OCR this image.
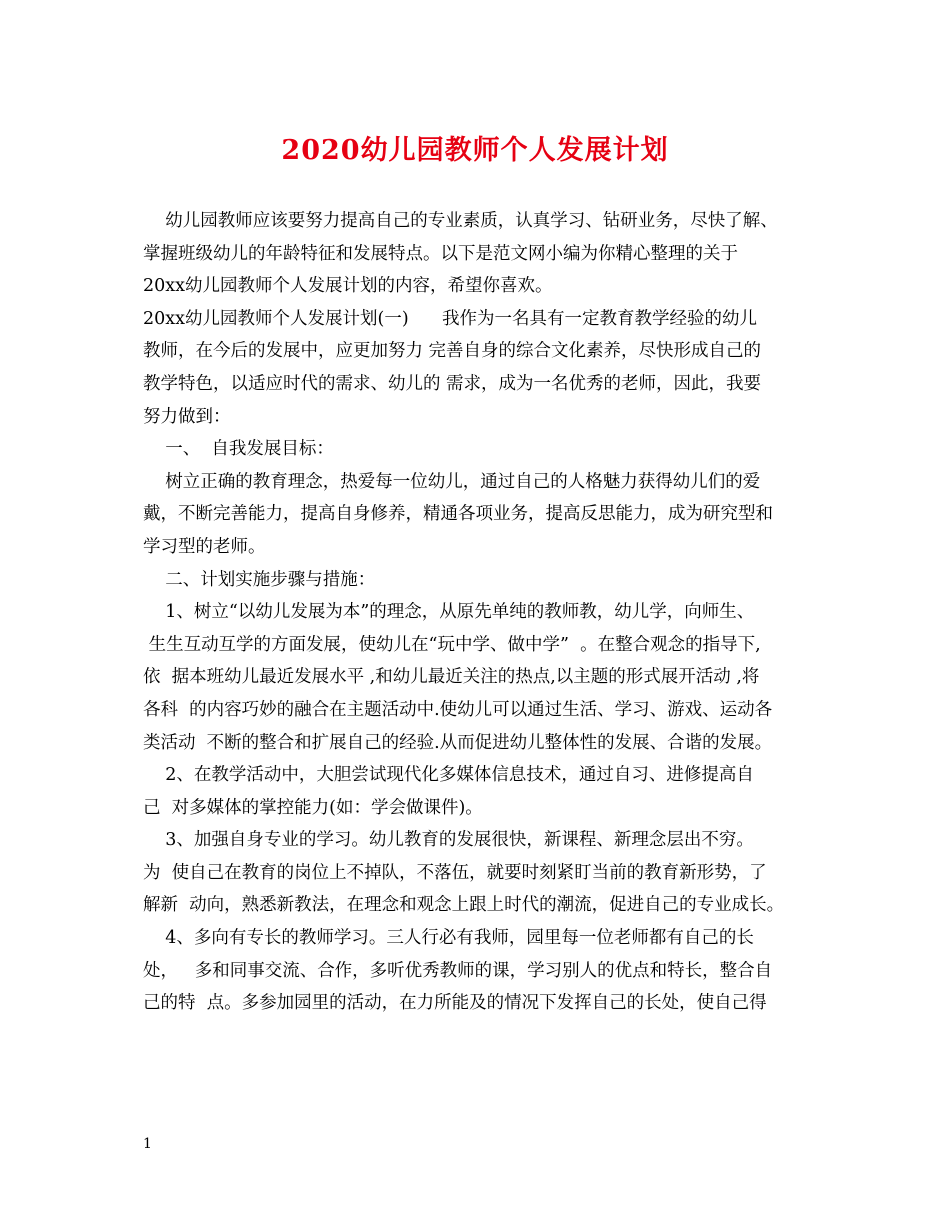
2020幼儿园教师个人发展计划
幼儿园教师应该要努力提高自己的专业素质，认真学习、钻研业务，尽快了解、
掌握班级幼儿的年龄特征和发展特点。以下是范文网小编为你精心整理的关于
20xx幼儿园教师个人发展计划的内容，希望你喜欢。
20xx幼儿园教师个人发展计划(一)      我作为一名具有一定教育教学经验的幼儿
教师，在今后的发展中，应更加努力 完善自身的综合文化素养，尽快形成自己的
教学特色，以适应时代的需求、幼儿的 需求，成为一名优秀的老师，因此，我要
努力做到：
一、  自我发展目标：
树立正确的教育理念，热爱每一位幼儿，通过自己的人格魅力获得幼儿们的爱
戴，不断完善能力，提高自身修养，精通各项业务，提高反思能力，成为研究型和
学习型的老师。
二、计划实施步骤与措施：
1、树立“以幼儿发展为本”的理念，从原先单纯的教师教，幼儿学，向师生、
生生互动互学的方面发展，使幼儿在“玩中学、做中学”  。在整合观念的指导下,
依  据本班幼儿最近发展水平 ,和幼儿最近关注的热点,以主题的形式展开活动 ,将
各科  的内容巧妙的融合在主题活动中.使幼儿可以通过生活、学习、游戏、运动各
类活动  不断的整合和扩展自己的经验.从而促进幼儿整体性的发展、合谐的发展。
2、在教学活动中，大胆尝试现代化多媒体信息技术，通过自习、进修提高自
己  对多媒体的掌控能力(如：学会做课件)。
3、加强自身专业的学习。幼儿教育的发展很快，新课程、新理念层出不穷。
为  使自己在教育的岗位上不掉队，不落伍，就要时刻紧盯当前的教育新形势，了
解新  动向，熟悉新教法，在理念和观念上跟上时代的潮流，促进自己的专业成长。
4、多向有专长的教师学习。三人行必有我师，园里每一位老师都有自己的长
处，   多和同事交流、合作，多听优秀教师的课，学习别人的优点和特长，整合自
己的特  点。多参加园里的活动，在力所能及的情况下发挥自己的长处，使自己得
1
